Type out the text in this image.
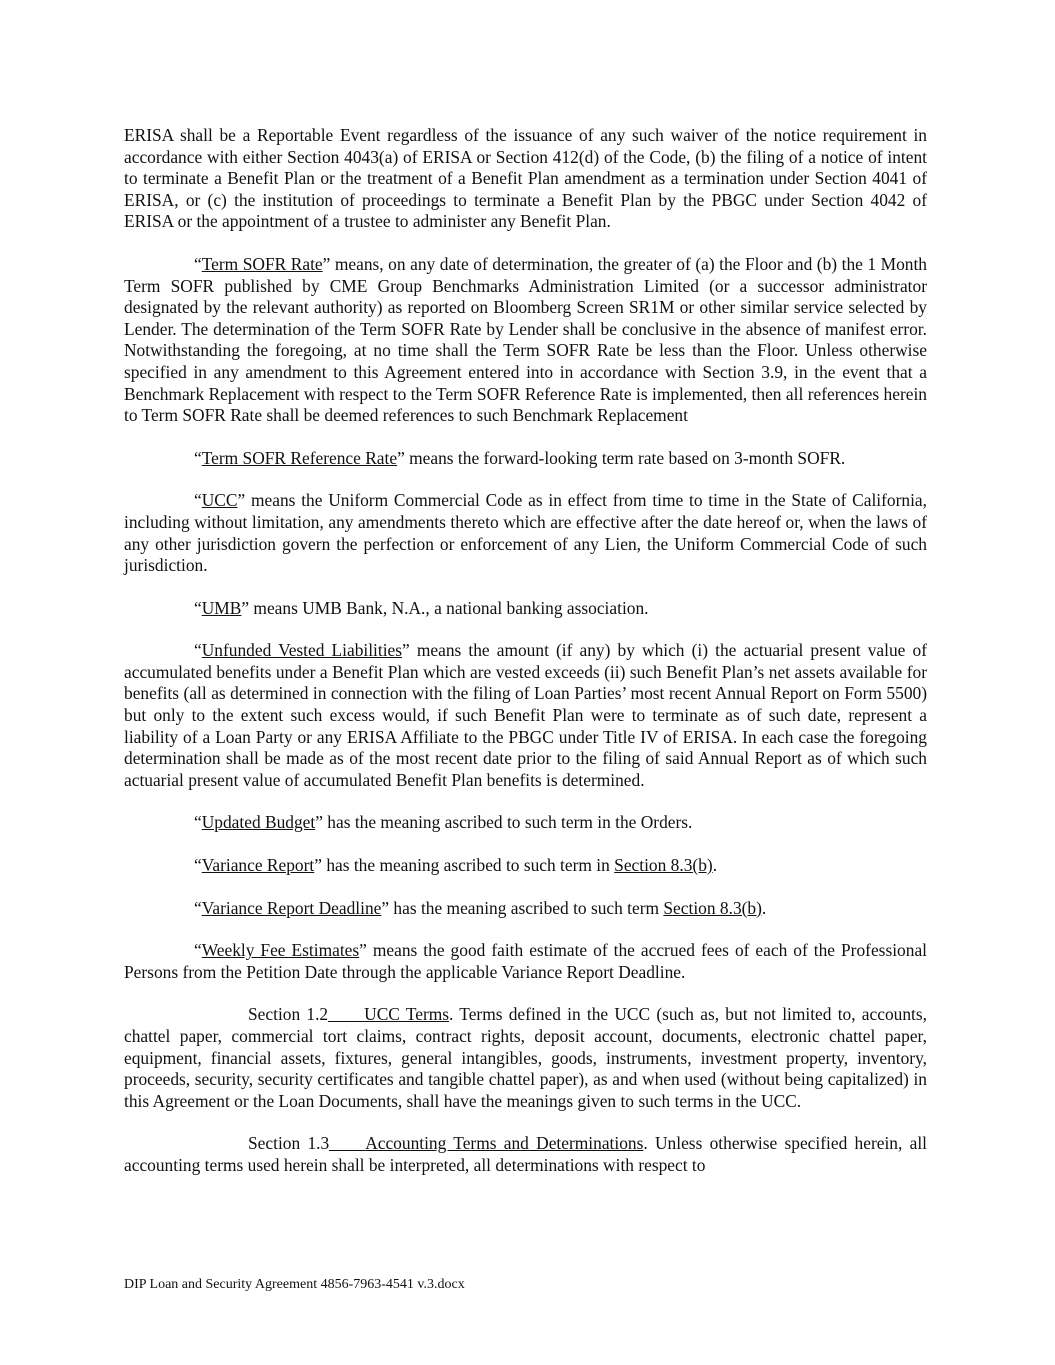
ERISA shall be a Reportable Event regardless of the issuance of any such waiver of the notice requirement in accordance with either Section 4043(a) of ERISA or Section 412(d) of the Code, (b) the filing of a notice of intent to terminate a Benefit Plan or the treatment of a Benefit Plan amendment as a termination under Section 4041 of ERISA, or (c) the institution of proceedings to terminate a Benefit Plan by the PBGC under Section 4042 of ERISA or the appointment of a trustee to administer any Benefit Plan.

“Term SOFR Rate” means, on any date of determination, the greater of (a) the Floor and (b) the 1 Month Term SOFR published by CME Group Benchmarks Administration Limited (or a successor administrator designated by the relevant authority) as reported on Bloomberg Screen SR1M or other similar service selected by Lender. The determination of the Term SOFR Rate by Lender shall be conclusive in the absence of manifest error. Notwithstanding the foregoing, at no time shall the Term SOFR Rate be less than the Floor. Unless otherwise specified in any amendment to this Agreement entered into in accordance with Section 3.9, in the event that a Benchmark Replacement with respect to the Term SOFR Reference Rate is implemented, then all references herein to Term SOFR Rate shall be deemed references to such Benchmark Replacement

“Term SOFR Reference Rate” means the forward-looking term rate based on 3-month SOFR.

“UCC” means the Uniform Commercial Code as in effect from time to time in the State of California, including without limitation, any amendments thereto which are effective after the date hereof or, when the laws of any other jurisdiction govern the perfection or enforcement of any Lien, the Uniform Commercial Code of such jurisdiction.

“UMB” means UMB Bank, N.A., a national banking association.

“Unfunded Vested Liabilities” means the amount (if any) by which (i) the actuarial present value of accumulated benefits under a Benefit Plan which are vested exceeds (ii) such Benefit Plan’s net assets available for benefits (all as determined in connection with the filing of Loan Parties’ most recent Annual Report on Form 5500) but only to the extent such excess would, if such Benefit Plan were to terminate as of such date, represent a liability of a Loan Party or any ERISA Affiliate to the PBGC under Title IV of ERISA. In each case the foregoing determination shall be made as of the most recent date prior to the filing of said Annual Report as of which such actuarial present value of accumulated Benefit Plan benefits is determined.

“Updated Budget” has the meaning ascribed to such term in the Orders.

“Variance Report” has the meaning ascribed to such term in Section 8.3(b).

“Variance Report Deadline” has the meaning ascribed to such term Section 8.3(b).

“Weekly Fee Estimates” means the good faith estimate of the accrued fees of each of the Professional Persons from the Petition Date through the applicable Variance Report Deadline.

Section 1.2 UCC Terms. Terms defined in the UCC (such as, but not limited to, accounts, chattel paper, commercial tort claims, contract rights, deposit account, documents, electronic chattel paper, equipment, financial assets, fixtures, general intangibles, goods, instruments, investment property, inventory, proceeds, security, security certificates and tangible chattel paper), as and when used (without being capitalized) in this Agreement or the Loan Documents, shall have the meanings given to such terms in the UCC.

Section 1.3 Accounting Terms and Determinations. Unless otherwise specified herein, all accounting terms used herein shall be interpreted, all determinations with respect to

DIP Loan and Security Agreement 4856-7963-4541 v.3.docx
